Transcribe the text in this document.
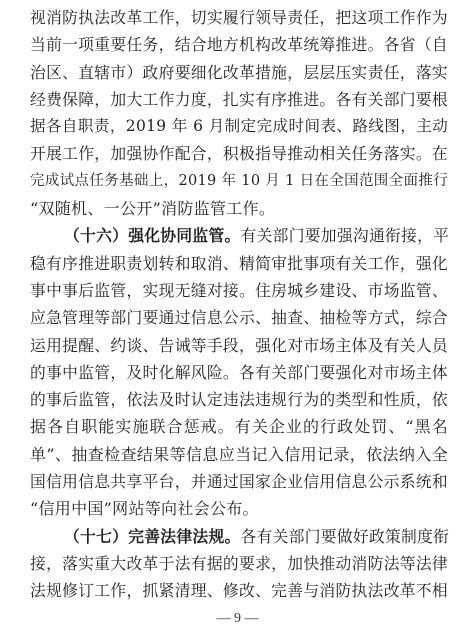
视消防执法改革工作，切实履行领导责任，把这项工作作为
当前一项重要任务，结合地方机构改革统筹推进。各省（自
治区、直辖市）政府要细化改革措施，层层压实责任，落实
经费保障，加大工作力度，扎实有序推进。各有关部门要根
据各自职责，2019 年 6 月制定完成时间表、路线图，主动
开展工作，加强协作配合，积极指导推动相关任务落实。在
完成试点任务基础上，2019 年 10 月 1 日在全国范围全面推行
“双随机、一公开”消防监管工作。
（十六）强化协同监管。有关部门要加强沟通衔接，平
稳有序推进职责划转和取消、精简审批事项有关工作，强化
事中事后监管，实现无缝对接。住房城乡建设、市场监管、
应急管理等部门要通过信息公示、抽查、抽检等方式，综合
运用提醒、约谈、告诫等手段，强化对市场主体及有关人员
的事中监管，及时化解风险。各有关部门要强化对市场主体
的事后监管，依法及时认定违法违规行为的类型和性质，依
据各自职能实施联合惩戒。有关企业的行政处罚、“黑名
单”、抽查检查结果等信息应当记入信用记录，依法纳入全
国信用信息共享平台，并通过国家企业信用信息公示系统和
“信用中国”网站等向社会公布。
（十七）完善法律法规。各有关部门要做好政策制度衔
接，落实重大改革于法有据的要求，加快推动消防法等法律
法规修订工作，抓紧清理、修改、完善与消防执法改革不相
— 9 —
